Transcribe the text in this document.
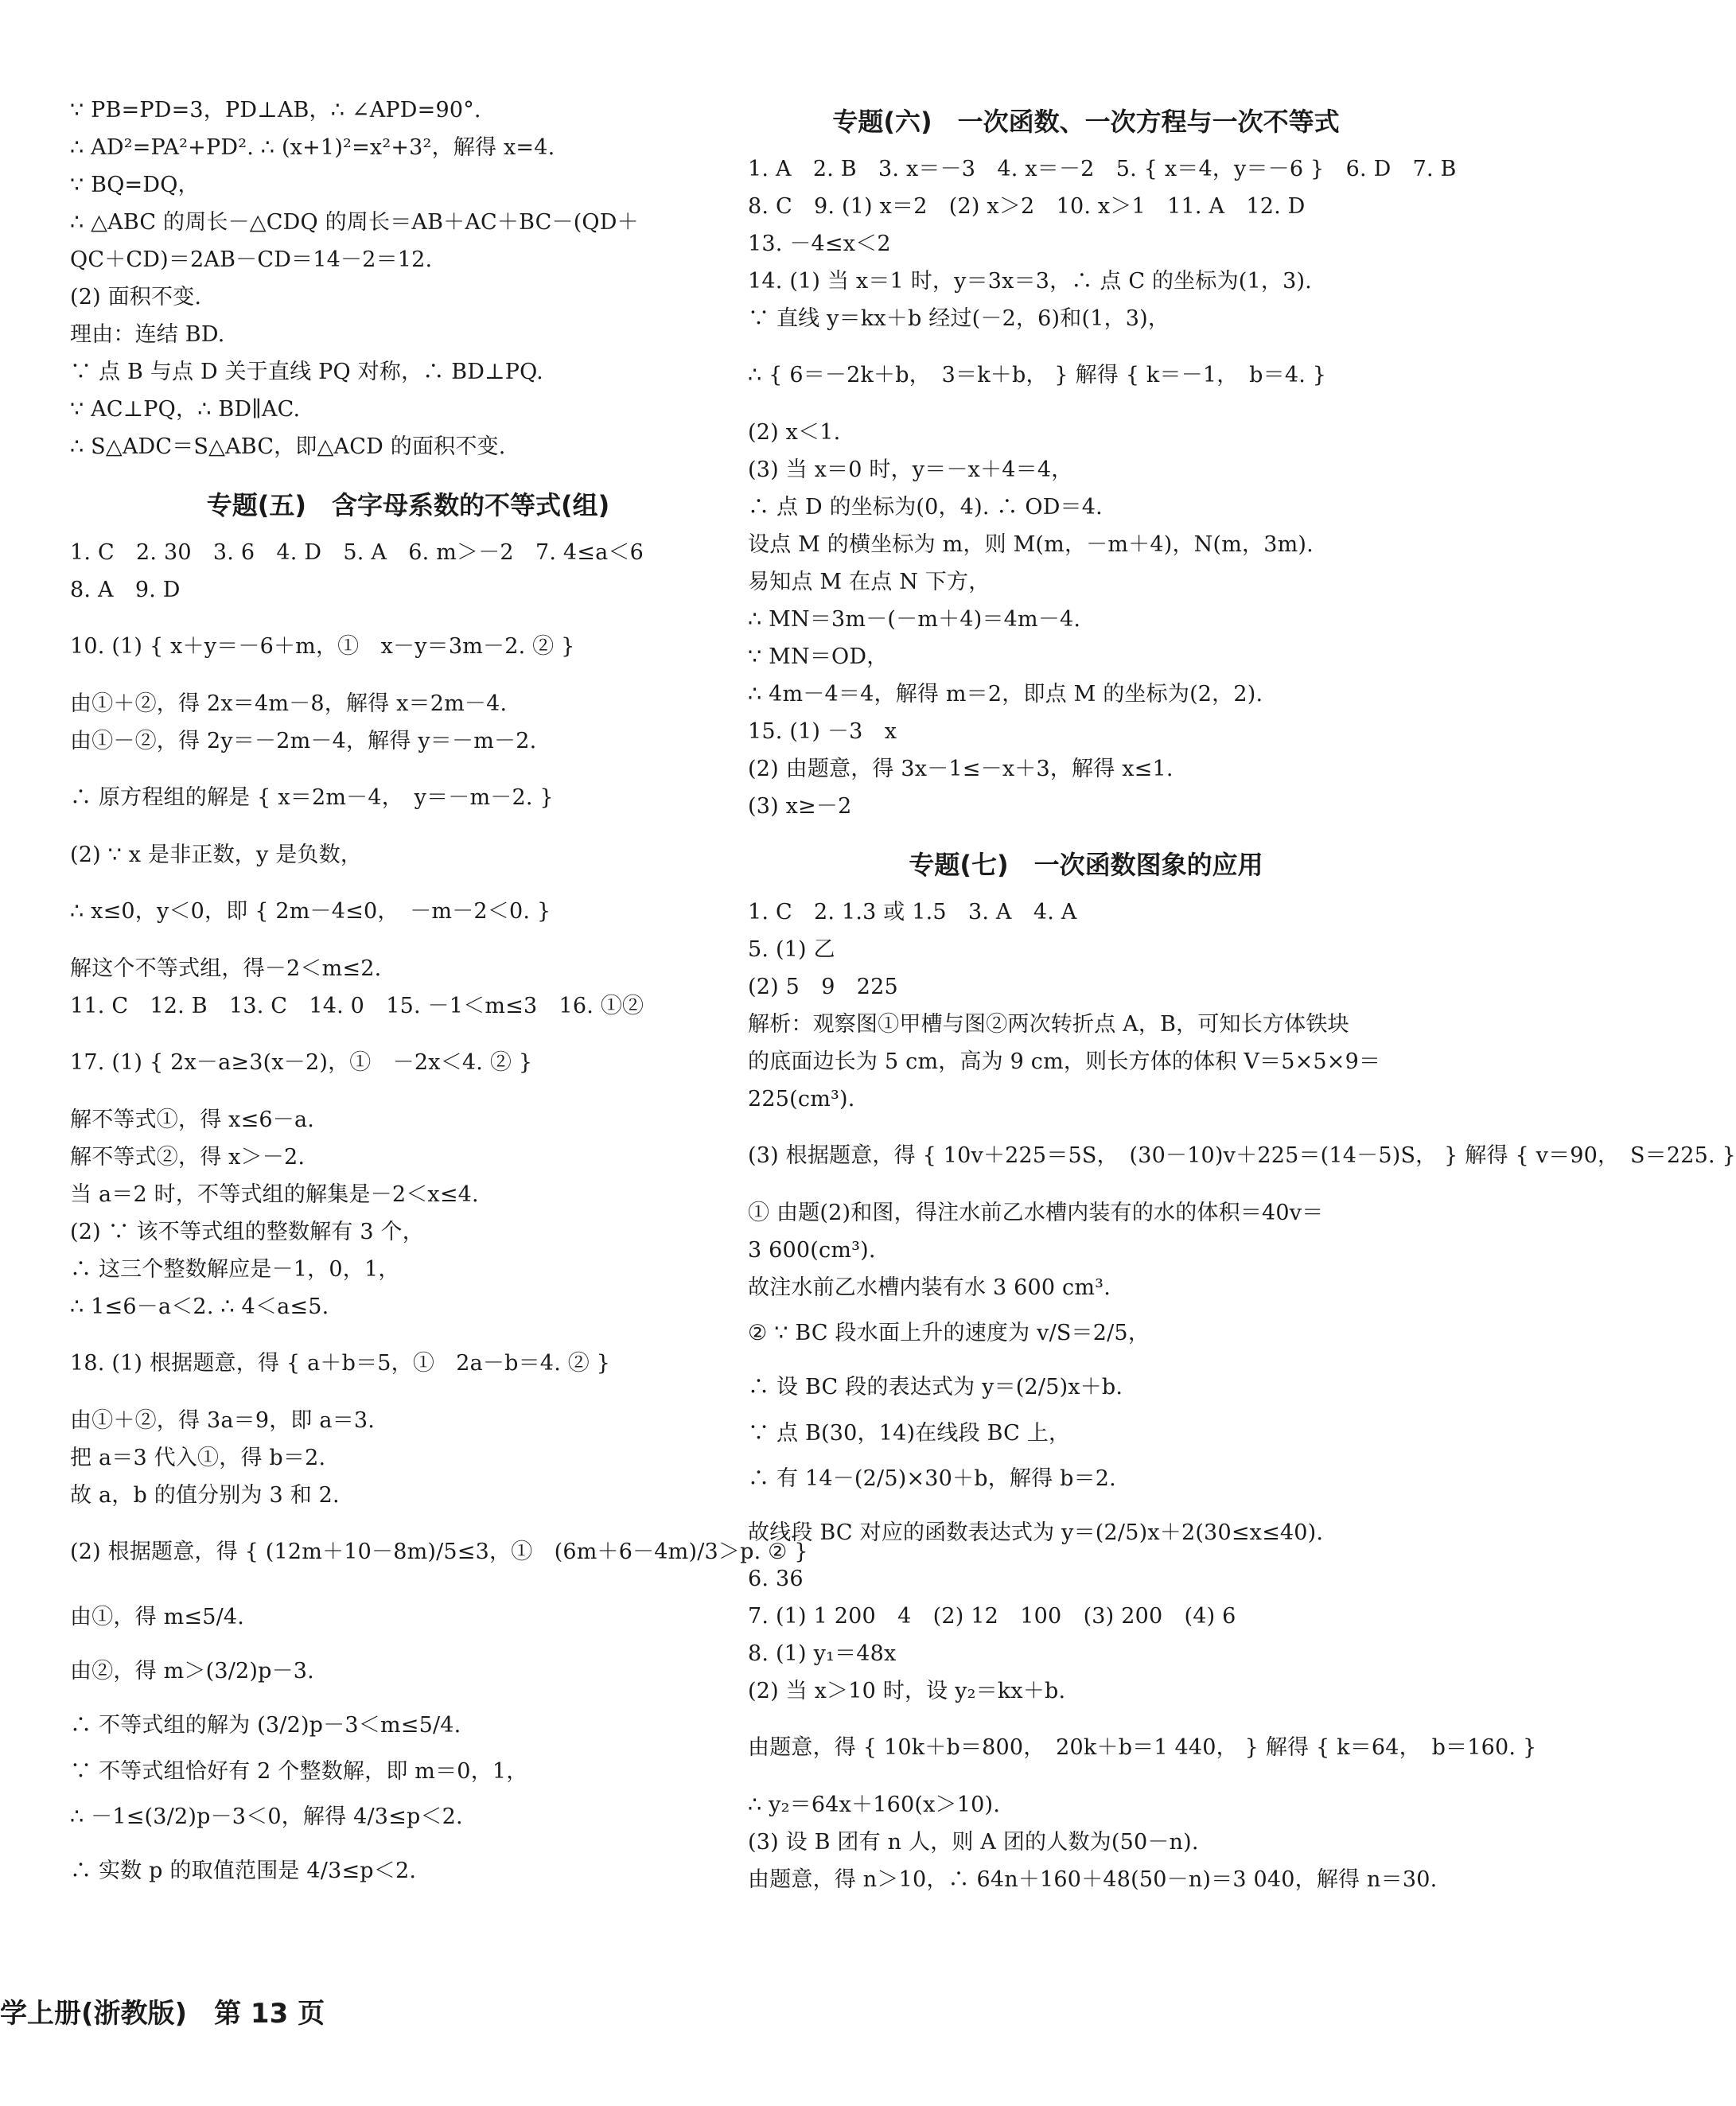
∵ PB=PD=3，PD⊥AB，∴ ∠APD=90°.
∴ AD²=PA²+PD². ∴ (x+1)²=x²+3²，解得 x=4.
∵ BQ=DQ，
∴ △ABC 的周长－△CDQ 的周长＝AB＋AC＋BC－(QD＋
QC＋CD)＝2AB－CD＝14－2＝12.
(2) 面积不变.
理由：连结 BD.
∵ 点 B 与点 D 关于直线 PQ 对称，∴ BD⊥PQ.
∵ AC⊥PQ，∴ BD∥AC.
∴ S△ADC＝S△ABC，即△ACD 的面积不变.
专题(五)　含字母系数的不等式(组)
1. C　2. 30　3. 6　4. D　5. A　6. m＞－2　7. 4≤a＜6
8. A　9. D
10. (1) { x＋y＝－6＋m，①　x－y＝3m－2. ② }
由①＋②，得 2x＝4m－8，解得 x＝2m－4.
由①－②，得 2y＝－2m－4，解得 y＝－m－2.
∴ 原方程组的解是 { x＝2m－4，　y＝－m－2. }
(2) ∵ x 是非正数，y 是负数，
∴ x≤0，y＜0，即 { 2m－4≤0，　－m－2＜0. }
解这个不等式组，得－2＜m≤2.
11. C　12. B　13. C　14. 0　15. －1＜m≤3　16. ①②
17. (1) { 2x－a≥3(x－2)，①　－2x＜4. ② }
解不等式①，得 x≤6－a.
解不等式②，得 x＞－2.
当 a＝2 时，不等式组的解集是－2＜x≤4.
(2) ∵ 该不等式组的整数解有 3 个，
∴ 这三个整数解应是－1，0，1，
∴ 1≤6－a＜2. ∴ 4＜a≤5.
18. (1) 根据题意，得 { a＋b＝5，①　2a－b＝4. ② }
由①＋②，得 3a＝9，即 a＝3.
把 a＝3 代入①，得 b＝2.
故 a，b 的值分别为 3 和 2.
(2) 根据题意，得 { (12m＋10－8m)/5≤3，①　(6m＋6－4m)/3＞p. ② }
由①，得 m≤5/4.
由②，得 m＞(3/2)p－3.
∴ 不等式组的解为 (3/2)p－3＜m≤5/4.
∵ 不等式组恰好有 2 个整数解，即 m＝0，1，
∴ －1≤(3/2)p－3＜0，解得 4/3≤p＜2.
∴ 实数 p 的取值范围是 4/3≤p＜2.
专题(六)　一次函数、一次方程与一次不等式
1. A　2. B　3. x＝－3　4. x＝－2　5. { x＝4，y＝－6 }　6. D　7. B
8. C　9. (1) x＝2　(2) x＞2　10. x＞1　11. A　12. D
13. －4≤x＜2
14. (1) 当 x＝1 时，y＝3x＝3，∴ 点 C 的坐标为(1，3).
∵ 直线 y＝kx＋b 经过(－2，6)和(1，3)，
∴ { 6＝－2k＋b，　3＝k＋b， } 解得 { k＝－1，　b＝4. }
(2) x＜1.
(3) 当 x＝0 时，y＝－x＋4＝4，
∴ 点 D 的坐标为(0，4). ∴ OD＝4.
设点 M 的横坐标为 m，则 M(m，－m＋4)，N(m，3m).
易知点 M 在点 N 下方，
∴ MN＝3m－(－m＋4)＝4m－4.
∵ MN＝OD，
∴ 4m－4＝4，解得 m＝2，即点 M 的坐标为(2，2).
15. (1) －3　x
(2) 由题意，得 3x－1≤－x＋3，解得 x≤1.
(3) x≥－2
专题(七)　一次函数图象的应用
1. C　2. 1.3 或 1.5　3. A　4. A
5. (1) 乙
(2) 5　9　225
解析：观察图①甲槽与图②两次转折点 A，B，可知长方体铁块
的底面边长为 5 cm，高为 9 cm，则长方体的体积 V＝5×5×9＝
225(cm³).
(3) 根据题意，得 { 10v＋225＝5S，　(30－10)v＋225＝(14－5)S， } 解得 { v＝90，　S＝225. }
① 由题(2)和图，得注水前乙水槽内装有的水的体积＝40v＝
3 600(cm³).
故注水前乙水槽内装有水 3 600 cm³.
② ∵ BC 段水面上升的速度为 v/S＝2/5，
∴ 设 BC 段的表达式为 y＝(2/5)x＋b.
∵ 点 B(30，14)在线段 BC 上，
∴ 有 14－(2/5)×30＋b，解得 b＝2.
故线段 BC 对应的函数表达式为 y＝(2/5)x＋2(30≤x≤40).
6. 36
7. (1) 1 200　4　(2) 12　100　(3) 200　(4) 6
8. (1) y₁＝48x
(2) 当 x＞10 时，设 y₂＝kx＋b.
由题意，得 { 10k＋b＝800，　20k＋b＝1 440， } 解得 { k＝64，　b＝160. }
∴ y₂＝64x＋160(x＞10).
(3) 设 B 团有 n 人，则 A 团的人数为(50－n).
由题意，得 n＞10，∴ 64n＋160＋48(50－n)＝3 040，解得 n＝30.
学上册(浙教版)　第 13 页
